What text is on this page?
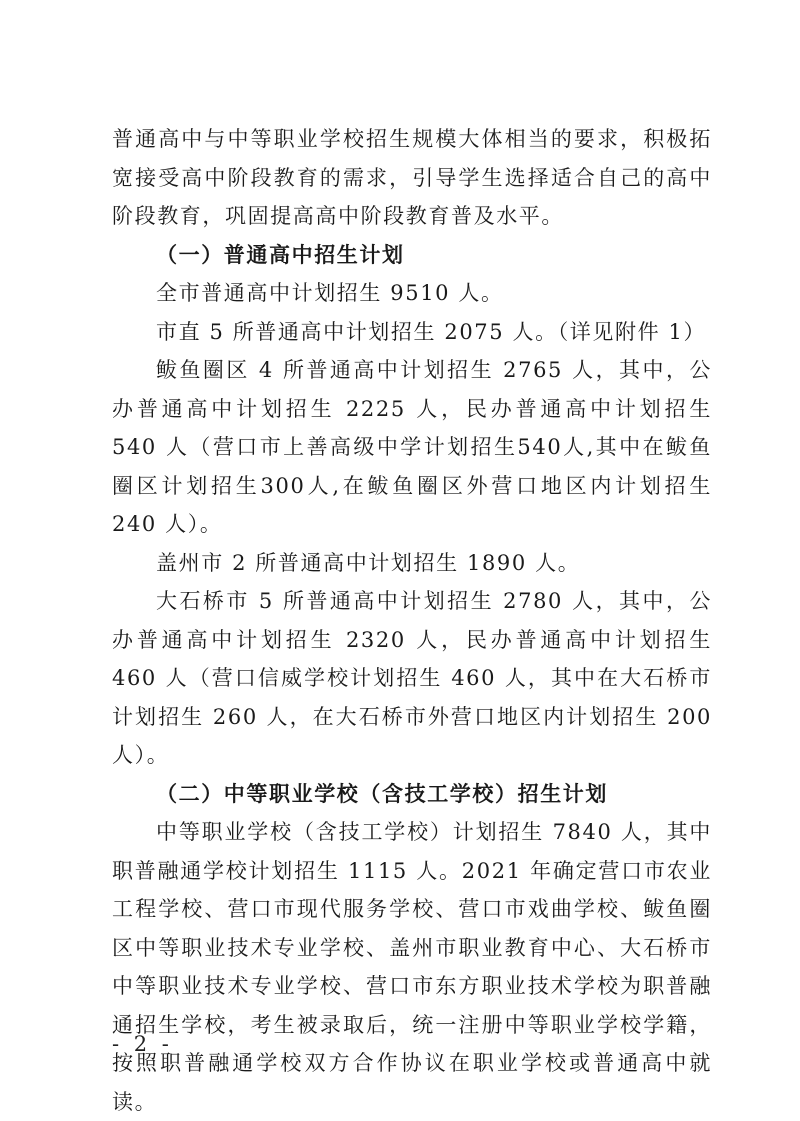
普通高中与中等职业学校招生规模大体相当的要求，积极拓宽接受高中阶段教育的需求，引导学生选择适合自己的高中阶段教育，巩固提高高中阶段教育普及水平。

（一）普通高中招生计划

全市普通高中计划招生 9510 人。

市直 5 所普通高中计划招生 2075 人。（详见附件 1）

鲅鱼圈区 4 所普通高中计划招生 2765 人，其中，公办普通高中计划招生 2225 人，民办普通高中计划招生 540 人（营口市上善高级中学计划招生540人,其中在鲅鱼圈区计划招生300人,在鲅鱼圈区外营口地区内计划招生 240 人）。

盖州市 2 所普通高中计划招生 1890 人。

大石桥市 5 所普通高中计划招生 2780 人，其中，公办普通高中计划招生 2320 人，民办普通高中计划招生 460 人（营口信威学校计划招生 460 人，其中在大石桥市计划招生 260 人，在大石桥市外营口地区内计划招生 200 人）。

（二）中等职业学校（含技工学校）招生计划

中等职业学校（含技工学校）计划招生 7840 人，其中职普融通学校计划招生 1115 人。2021 年确定营口市农业工程学校、营口市现代服务学校、营口市戏曲学校、鲅鱼圈区中等职业技术专业学校、盖州市职业教育中心、大石桥市中等职业技术专业学校、营口市东方职业技术学校为职普融通招生学校，考生被录取后，统一注册中等职业学校学籍，按照职普融通学校双方合作协议在职业学校或普通高中就读。

- 2 -
